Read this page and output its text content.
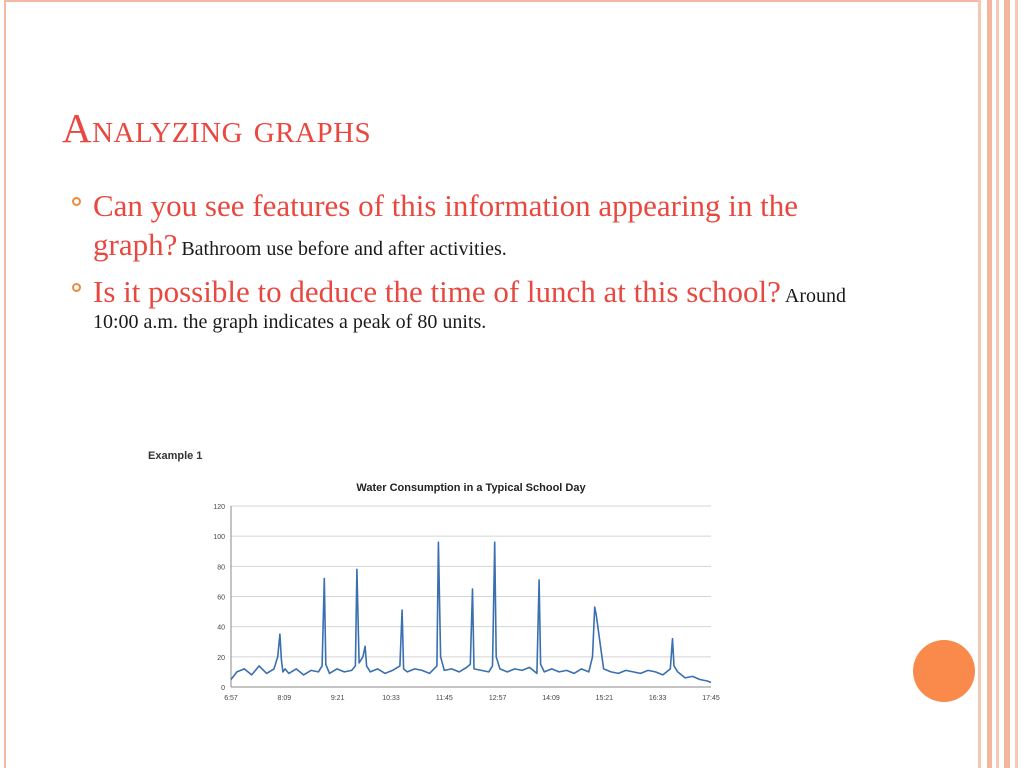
Analyzing graphs
Can you see features of this information appearing in the graph? Bathroom use before and after activities.
Is it possible to deduce the time of lunch at this school? Around 10:00 a.m. the graph indicates a peak of 80 units.
Example 1
Water Consumption in a Typical School Day
0
20
40
60
80
100
120
6:57	8:09	9:21	10:33	11:45	12:57	14:09	15:21	16:33	17:45
